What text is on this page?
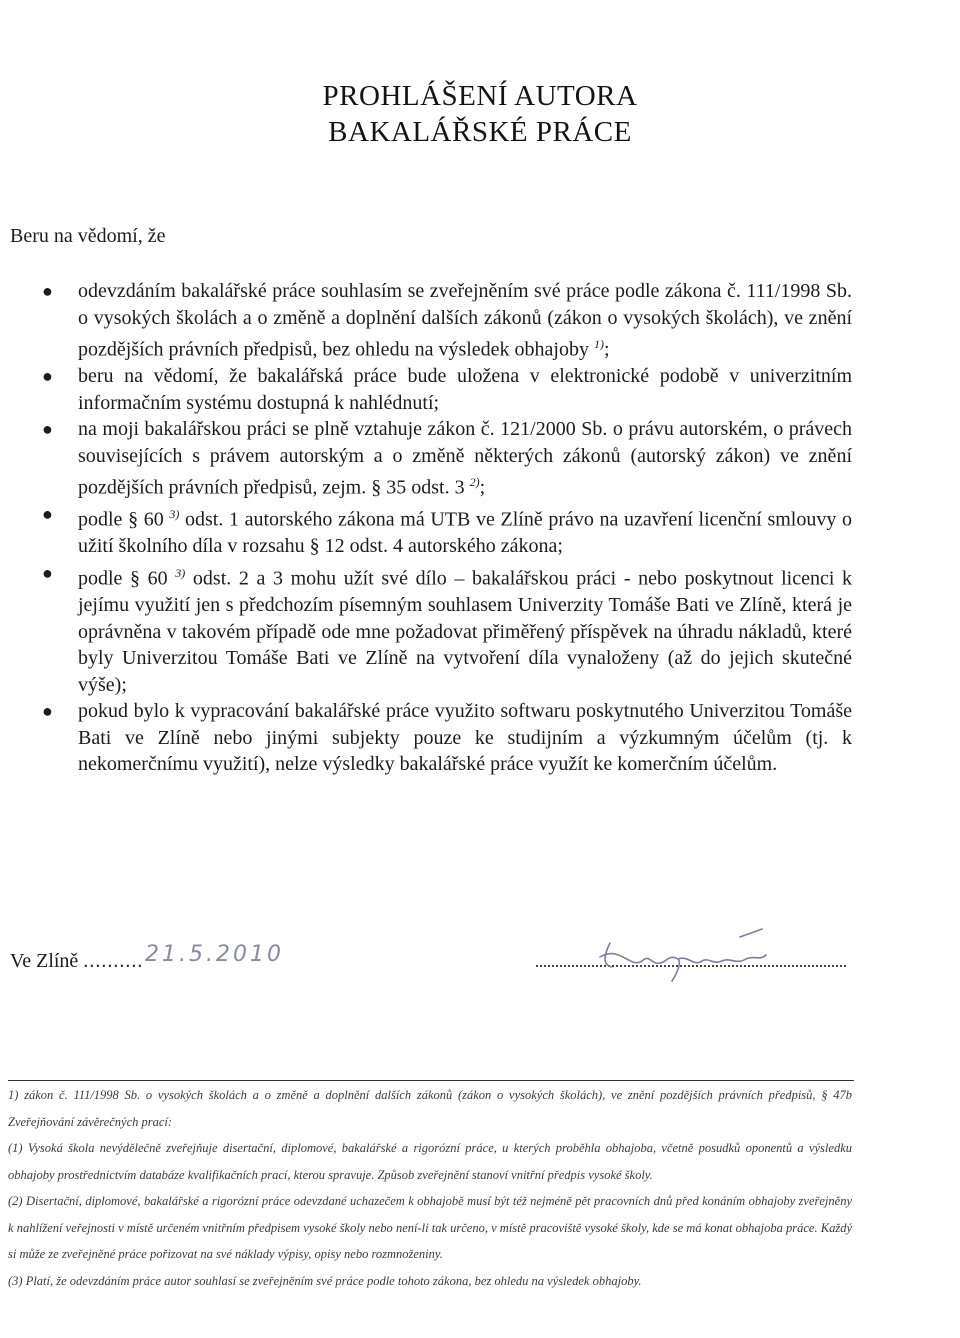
PROHLÁŠENÍ AUTORA
BAKALÁŘSKÉ PRÁCE
Beru na vědomí, že
● odevzdáním bakalářské práce souhlasím se zveřejněním své práce podle zákona č. 111/1998 Sb. o vysokých školách a o změně a doplnění dalších zákonů (zákon o vysokých školách), ve znění pozdějších právních předpisů, bez ohledu na výsledek obhajoby $^{1)}$;
● beru na vědomí, že bakalářská práce bude uložena v elektronické podobě v univerzitním informačním systému dostupná k nahlédnutí;
● na moji bakalářskou práci se plně vztahuje zákon č. 121/2000 Sb. o právu autorském, o právech souvisejících s právem autorským a o změně některých zákonů (autorský zákon) ve znění pozdějších právních předpisů, zejm. § 35 odst. 3 $^{2)}$;
● podle § 60 $^{3)}$ odst. 1 autorského zákona má UTB ve Zlíně právo na uzavření licenční smlouvy o užití školního díla v rozsahu § 12 odst. 4 autorského zákona;
● podle § 60 $^{3)}$ odst. 2 a 3 mohu užít své dílo – bakalářskou práci - nebo poskytnout licenci k jejímu využití jen s předchozím písemným souhlasem Univerzity Tomáše Bati ve Zlíně, která je oprávněna v takovém případě ode mne požadovat přiměřený příspěvek na úhradu nákladů, které byly Univerzitou Tomáše Bati ve Zlíně na vytvoření díla vynaloženy (až do jejich skutečné výše);
● pokud bylo k vypracování bakalářské práce využito softwaru poskytnutého Univerzitou Tomáše Bati ve Zlíně nebo jinými subjekty pouze ke studijním a výzkumným účelům (tj. k nekomerčnímu využití), nelze výsledky bakalářské práce využít ke komerčním účelům.
Ve Zlíně .......... 21.5.2010

1) zákon č. 111/1998 Sb. o vysokých školách a o změně a doplnění dalších zákonů (zákon o vysokých školách), ve znění pozdějších právních předpisů, § 47b Zveřejňování závěrečných prací:

(1) Vysoká škola nevýdělečně zveřejňuje disertační, diplomové, bakalářské a rigorózní práce, u kterých proběhla obhajoba, včetně posudků oponentů a výsledku obhajoby prostřednictvím databáze kvalifikačních prací, kterou spravuje. Způsob zveřejnění stanoví vnitřní předpis vysoké školy.

(2) Disertační, diplomové, bakalářské a rigorózní práce odevzdané uchazečem k obhajobě musí být též nejméně pět pracovních dnů před konáním obhajoby zveřejněny k nahlížení veřejnosti v místě určeném vnitřním předpisem vysoké školy nebo není-li tak určeno, v místě pracoviště vysoké školy, kde se má konat obhajoba práce. Každý si může ze zveřejněné práce pořizovat na své náklady výpisy, opisy nebo rozmnoženiny.

(3) Platí, že odevzdáním práce autor souhlasí se zveřejněním své práce podle tohoto zákona, bez ohledu na výsledek obhajoby.
